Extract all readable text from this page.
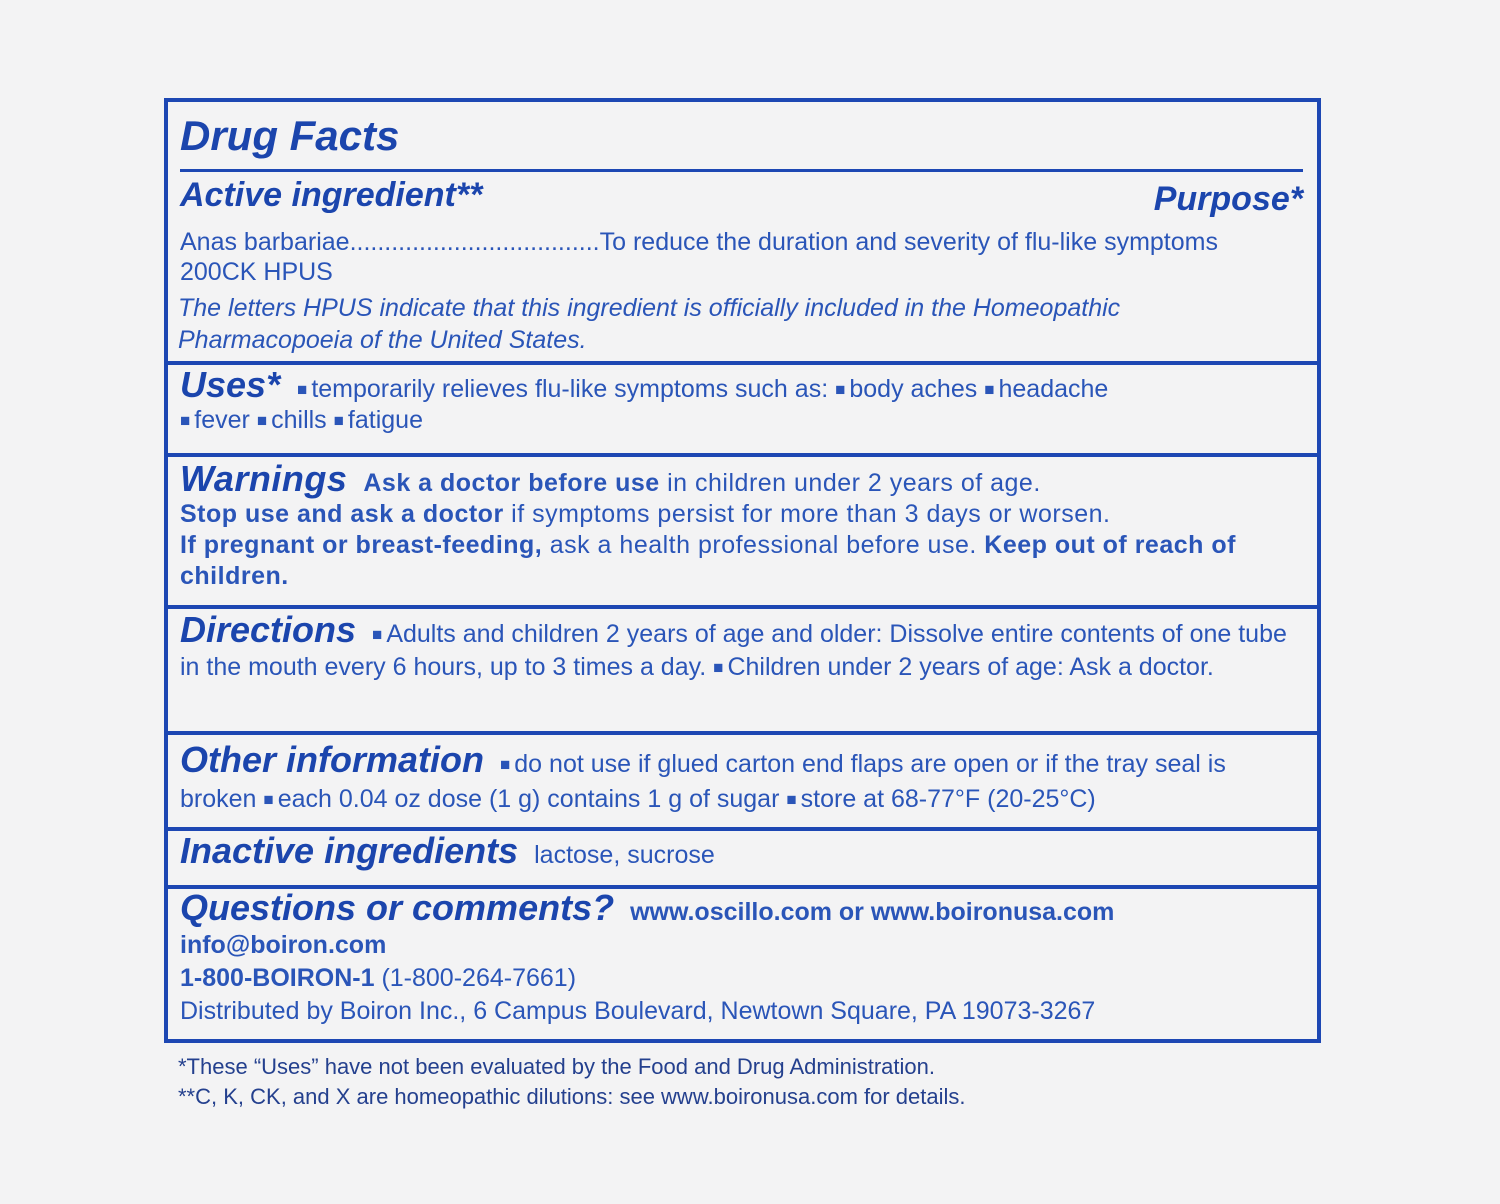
Drug Facts
Active ingredient**	Purpose*
Anas barbariae....................................To reduce the duration and severity of flu-like symptoms
200CK HPUS
The letters HPUS indicate that this ingredient is officially included in the Homeopathic Pharmacopoeia of the United States.
Uses* ■ temporarily relieves flu-like symptoms such as: ■ body aches ■ headache
■ fever ■ chills ■ fatigue
Warnings Ask a doctor before use in children under 2 years of age.
Stop use and ask a doctor if symptoms persist for more than 3 days or worsen.
If pregnant or breast-feeding, ask a health professional before use. Keep out of reach of children.
Directions ■ Adults and children 2 years of age and older: Dissolve entire contents of one tube in the mouth every 6 hours, up to 3 times a day. ■ Children under 2 years of age: Ask a doctor.
Other information ■ do not use if glued carton end flaps are open or if the tray seal is broken ■ each 0.04 oz dose (1 g) contains 1 g of sugar ■ store at 68-77°F (20-25°C)
Inactive ingredients lactose, sucrose
Questions or comments? www.oscillo.com or www.boironusa.com
info@boiron.com
1-800-BOIRON-1 (1-800-264-7661)
Distributed by Boiron Inc., 6 Campus Boulevard, Newtown Square, PA 19073-3267
*These “Uses” have not been evaluated by the Food and Drug Administration.
**C, K, CK, and X are homeopathic dilutions: see www.boironusa.com for details.
